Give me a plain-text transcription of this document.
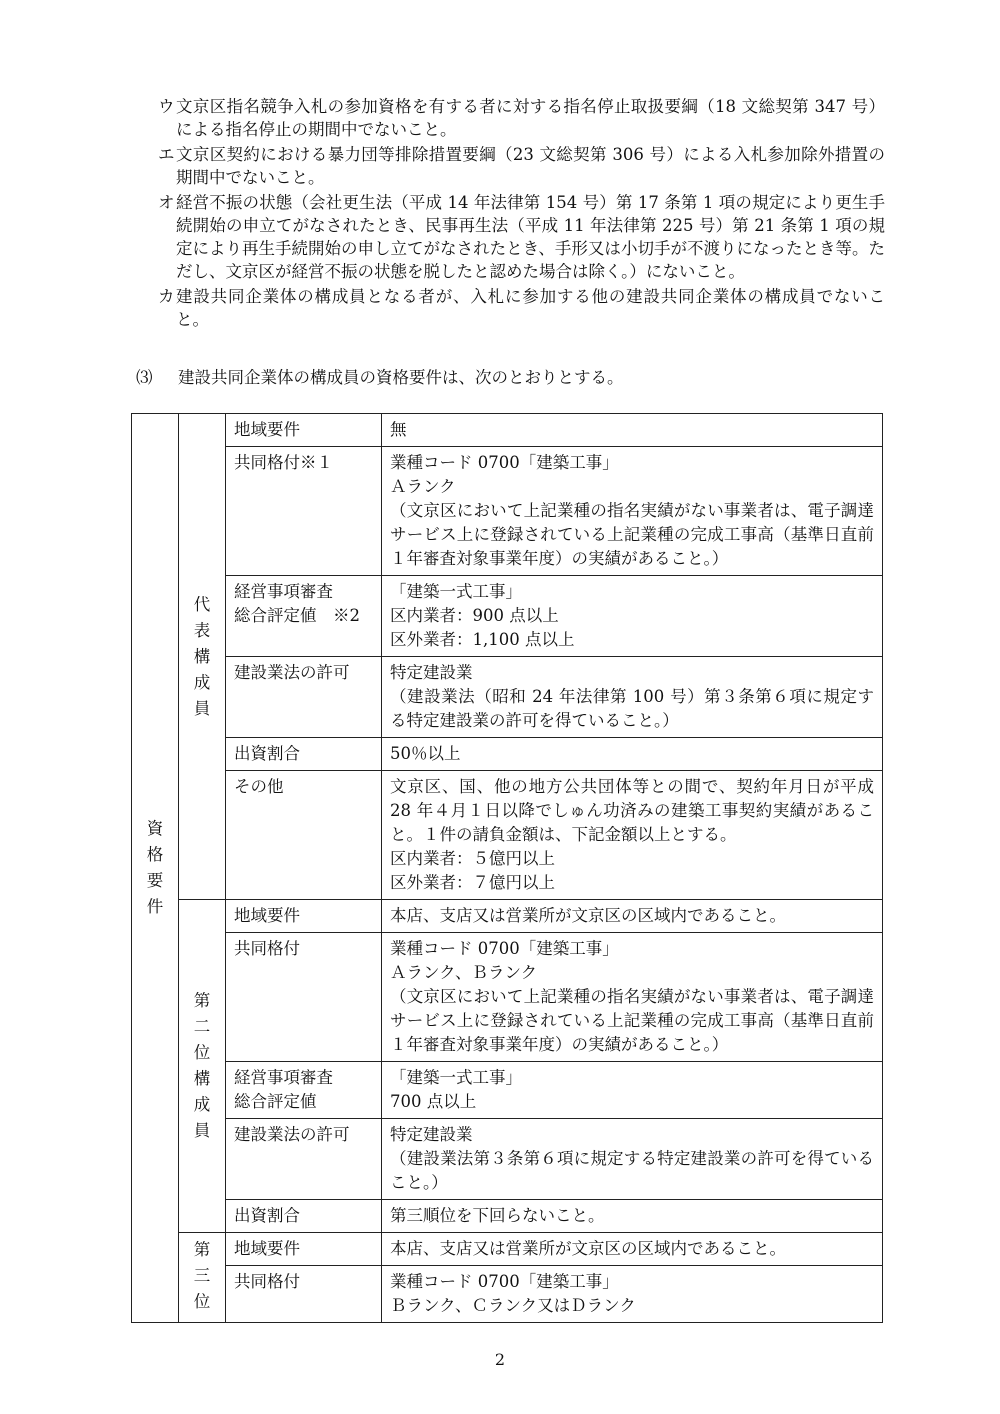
ウ 文京区指名競争入札の参加資格を有する者に対する指名停止取扱要綱（18 文総契第 347 号）による指名停止の期間中でないこと。
エ 文京区契約における暴力団等排除措置要綱（23 文総契第 306 号）による入札参加除外措置の期間中でないこと。
オ 経営不振の状態（会社更生法（平成 14 年法律第 154 号）第 17 条第 1 項の規定により更生手続開始の申立てがなされたとき、民事再生法（平成 11 年法律第 225 号）第 21 条第 1 項の規定により再生手続開始の申し立てがなされたとき、手形又は小切手が不渡りになったとき等。ただし、文京区が経営不振の状態を脱したと認めた場合は除く。）にないこと。
カ 建設共同企業体の構成員となる者が、入札に参加する他の建設共同企業体の構成員でないこと。
⑶ 建設共同企業体の構成員の資格要件は、次のとおりとする。
資格要件	代表構成員	地域要件	無

		共同格付※１	業種コード 0700「建築工事」
Ａランク
（文京区において上記業種の指名実績がない事業者は、電子調達サービス上に登録されている上記業種の完成工事高（基準日直前１年審査対象事業年度）の実績があること。）

		経営事項審査
総合評定値　※2	「建築一式工事」
区内業者：900 点以上
区外業者：1,100 点以上

		建設業法の許可	特定建設業
（建設業法（昭和 24 年法律第 100 号）第３条第６項に規定する特定建設業の許可を得ていること。）

		出資割合	50％以上

		その他	文京区、国、他の地方公共団体等との間で、契約年月日が平成 28 年４月１日以降でしゅん功済みの建築工事契約実績があること。１件の請負金額は、下記金額以上とする。
区内業者：５億円以上
区外業者：７億円以上

	第二位構成員	地域要件	本店、支店又は営業所が文京区の区域内であること。

		共同格付	業種コード 0700「建築工事」
Ａランク、Ｂランク
（文京区において上記業種の指名実績がない事業者は、電子調達サービス上に登録されている上記業種の完成工事高（基準日直前１年審査対象事業年度）の実績があること。）

		経営事項審査
総合評定値	「建築一式工事」
700 点以上

		建設業法の許可	特定建設業
（建設業法第３条第６項に規定する特定建設業の許可を得ていること。）

		出資割合	第三順位を下回らないこと。

	第三位	地域要件	本店、支店又は営業所が文京区の区域内であること。

		共同格付	業種コード 0700「建築工事」
Ｂランク、Ｃランク又はＤランク
2
